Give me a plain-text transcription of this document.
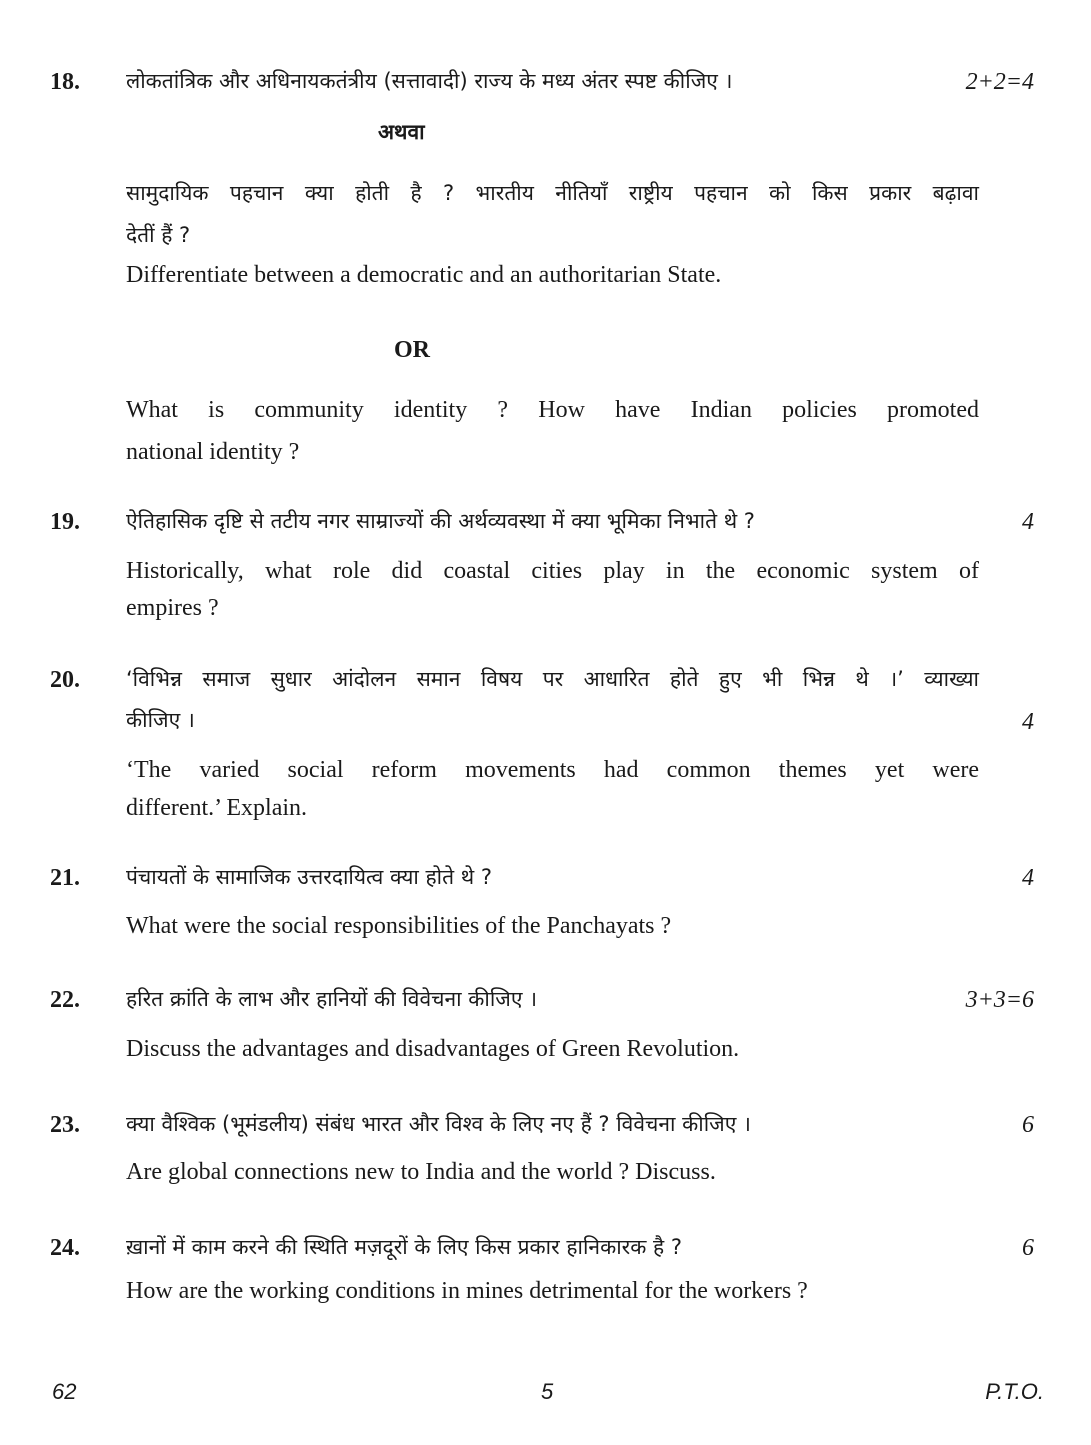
18. लोकतांत्रिक और अधिनायकतंत्रीय (सत्तावादी) राज्य के मध्य अंतर स्पष्ट कीजिए ।	2+2=4
अथवा
सामुदायिक पहचान क्या होती है ? भारतीय नीतियाँ राष्ट्रीय पहचान को किस प्रकार बढ़ावा
देतीं हैं ?
Differentiate between a democratic and an authoritarian State.
OR
What is community identity ? How have Indian policies promoted
national identity ?
19. ऐतिहासिक दृष्टि से तटीय नगर साम्राज्यों की अर्थव्यवस्था में क्या भूमिका निभाते थे ?	4
Historically, what role did coastal cities play in the economic system of
empires ?
20. ‘विभिन्न समाज सुधार आंदोलन समान विषय पर आधारित होते हुए भी भिन्न थे ।’ व्याख्या
कीजिए ।	4
‘The varied social reform movements had common themes yet were
different.’ Explain.
21. पंचायतों के सामाजिक उत्तरदायित्व क्या होते थे ?	4
What were the social responsibilities of the Panchayats ?
22. हरित क्रांति के लाभ और हानियों की विवेचना कीजिए ।	3+3=6
Discuss the advantages and disadvantages of Green Revolution.
23. क्या वैश्विक (भूमंडलीय) संबंध भारत और विश्व के लिए नए हैं ? विवेचना कीजिए ।	6
Are global connections new to India and the world ? Discuss.
24. ख़ानों में काम करने की स्थिति मज़दूरों के लिए किस प्रकार हानिकारक है ?	6
How are the working conditions in mines detrimental for the workers ?
62	5	P.T.O.
